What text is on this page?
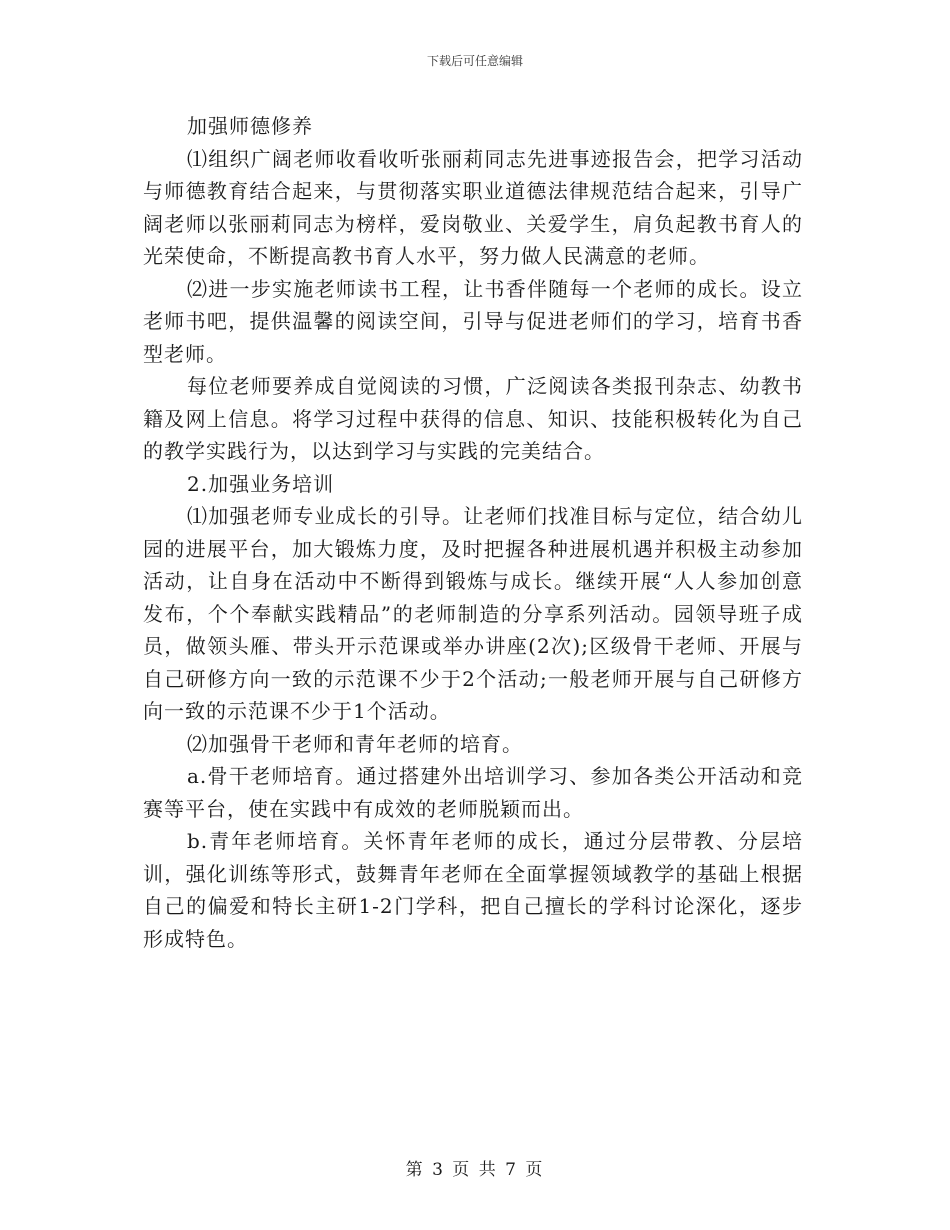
下载后可任意编辑

加强师德修养

⑴组织广阔老师收看收听张丽莉同志先进事迹报告会，把学习活动与师德教育结合起来，与贯彻落实职业道德法律规范结合起来，引导广阔老师以张丽莉同志为榜样，爱岗敬业、关爱学生，肩负起教书育人的光荣使命，不断提高教书育人水平，努力做人民满意的老师。

⑵进一步实施老师读书工程，让书香伴随每一个老师的成长。设立老师书吧，提供温馨的阅读空间，引导与促进老师们的学习，培育书香型老师。

每位老师要养成自觉阅读的习惯，广泛阅读各类报刊杂志、幼教书籍及网上信息。将学习过程中获得的信息、知识、技能积极转化为自己的教学实践行为，以达到学习与实践的完美结合。

2.加强业务培训

⑴加强老师专业成长的引导。让老师们找准目标与定位，结合幼儿园的进展平台，加大锻炼力度，及时把握各种进展机遇并积极主动参加活动，让自身在活动中不断得到锻炼与成长。继续开展“人人参加创意发布，个个奉献实践精品”的老师制造的分享系列活动。园领导班子成员，做领头雁、带头开示范课或举办讲座(2次);区级骨干老师、开展与自己研修方向一致的示范课不少于2个活动;一般老师开展与自己研修方向一致的示范课不少于1个活动。

⑵加强骨干老师和青年老师的培育。

a.骨干老师培育。通过搭建外出培训学习、参加各类公开活动和竞赛等平台，使在实践中有成效的老师脱颖而出。

b.青年老师培育。关怀青年老师的成长，通过分层带教、分层培训，强化训练等形式，鼓舞青年老师在全面掌握领域教学的基础上根据自己的偏爱和特长主研1-2门学科，把自己擅长的学科讨论深化，逐步形成特色。

第 3 页 共 7 页
